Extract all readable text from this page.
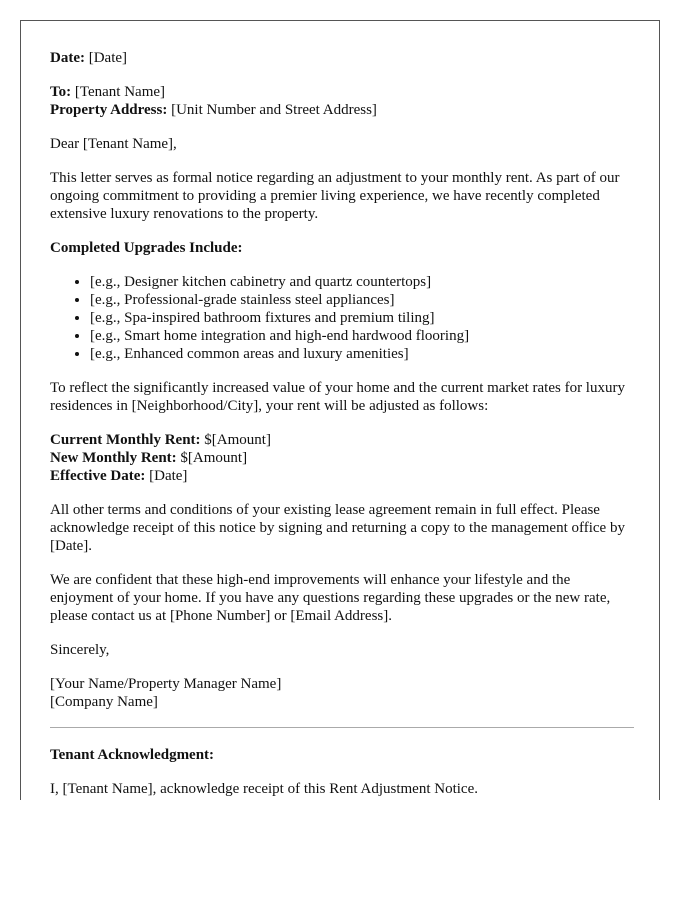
Date: [Date]

To: [Tenant Name]
Property Address: [Unit Number and Street Address]

Dear [Tenant Name],

This letter serves as formal notice regarding an adjustment to your monthly rent. As part of our ongoing commitment to providing a premier living experience, we have recently completed extensive luxury renovations to the property.

Completed Upgrades Include:

• [e.g., Designer kitchen cabinetry and quartz countertops]
• [e.g., Professional-grade stainless steel appliances]
• [e.g., Spa-inspired bathroom fixtures and premium tiling]
• [e.g., Smart home integration and high-end hardwood flooring]
• [e.g., Enhanced common areas and luxury amenities]

To reflect the significantly increased value of your home and the current market rates for luxury residences in [Neighborhood/City], your rent will be adjusted as follows:

Current Monthly Rent: $[Amount]
New Monthly Rent: $[Amount]
Effective Date: [Date]

All other terms and conditions of your existing lease agreement remain in full effect. Please acknowledge receipt of this notice by signing and returning a copy to the management office by [Date].

We are confident that these high-end improvements will enhance your lifestyle and the enjoyment of your home. If you have any questions regarding these upgrades or the new rate, please contact us at [Phone Number] or [Email Address].

Sincerely,

[Your Name/Property Manager Name]
[Company Name]

Tenant Acknowledgment:

I, [Tenant Name], acknowledge receipt of this Rent Adjustment Notice.
